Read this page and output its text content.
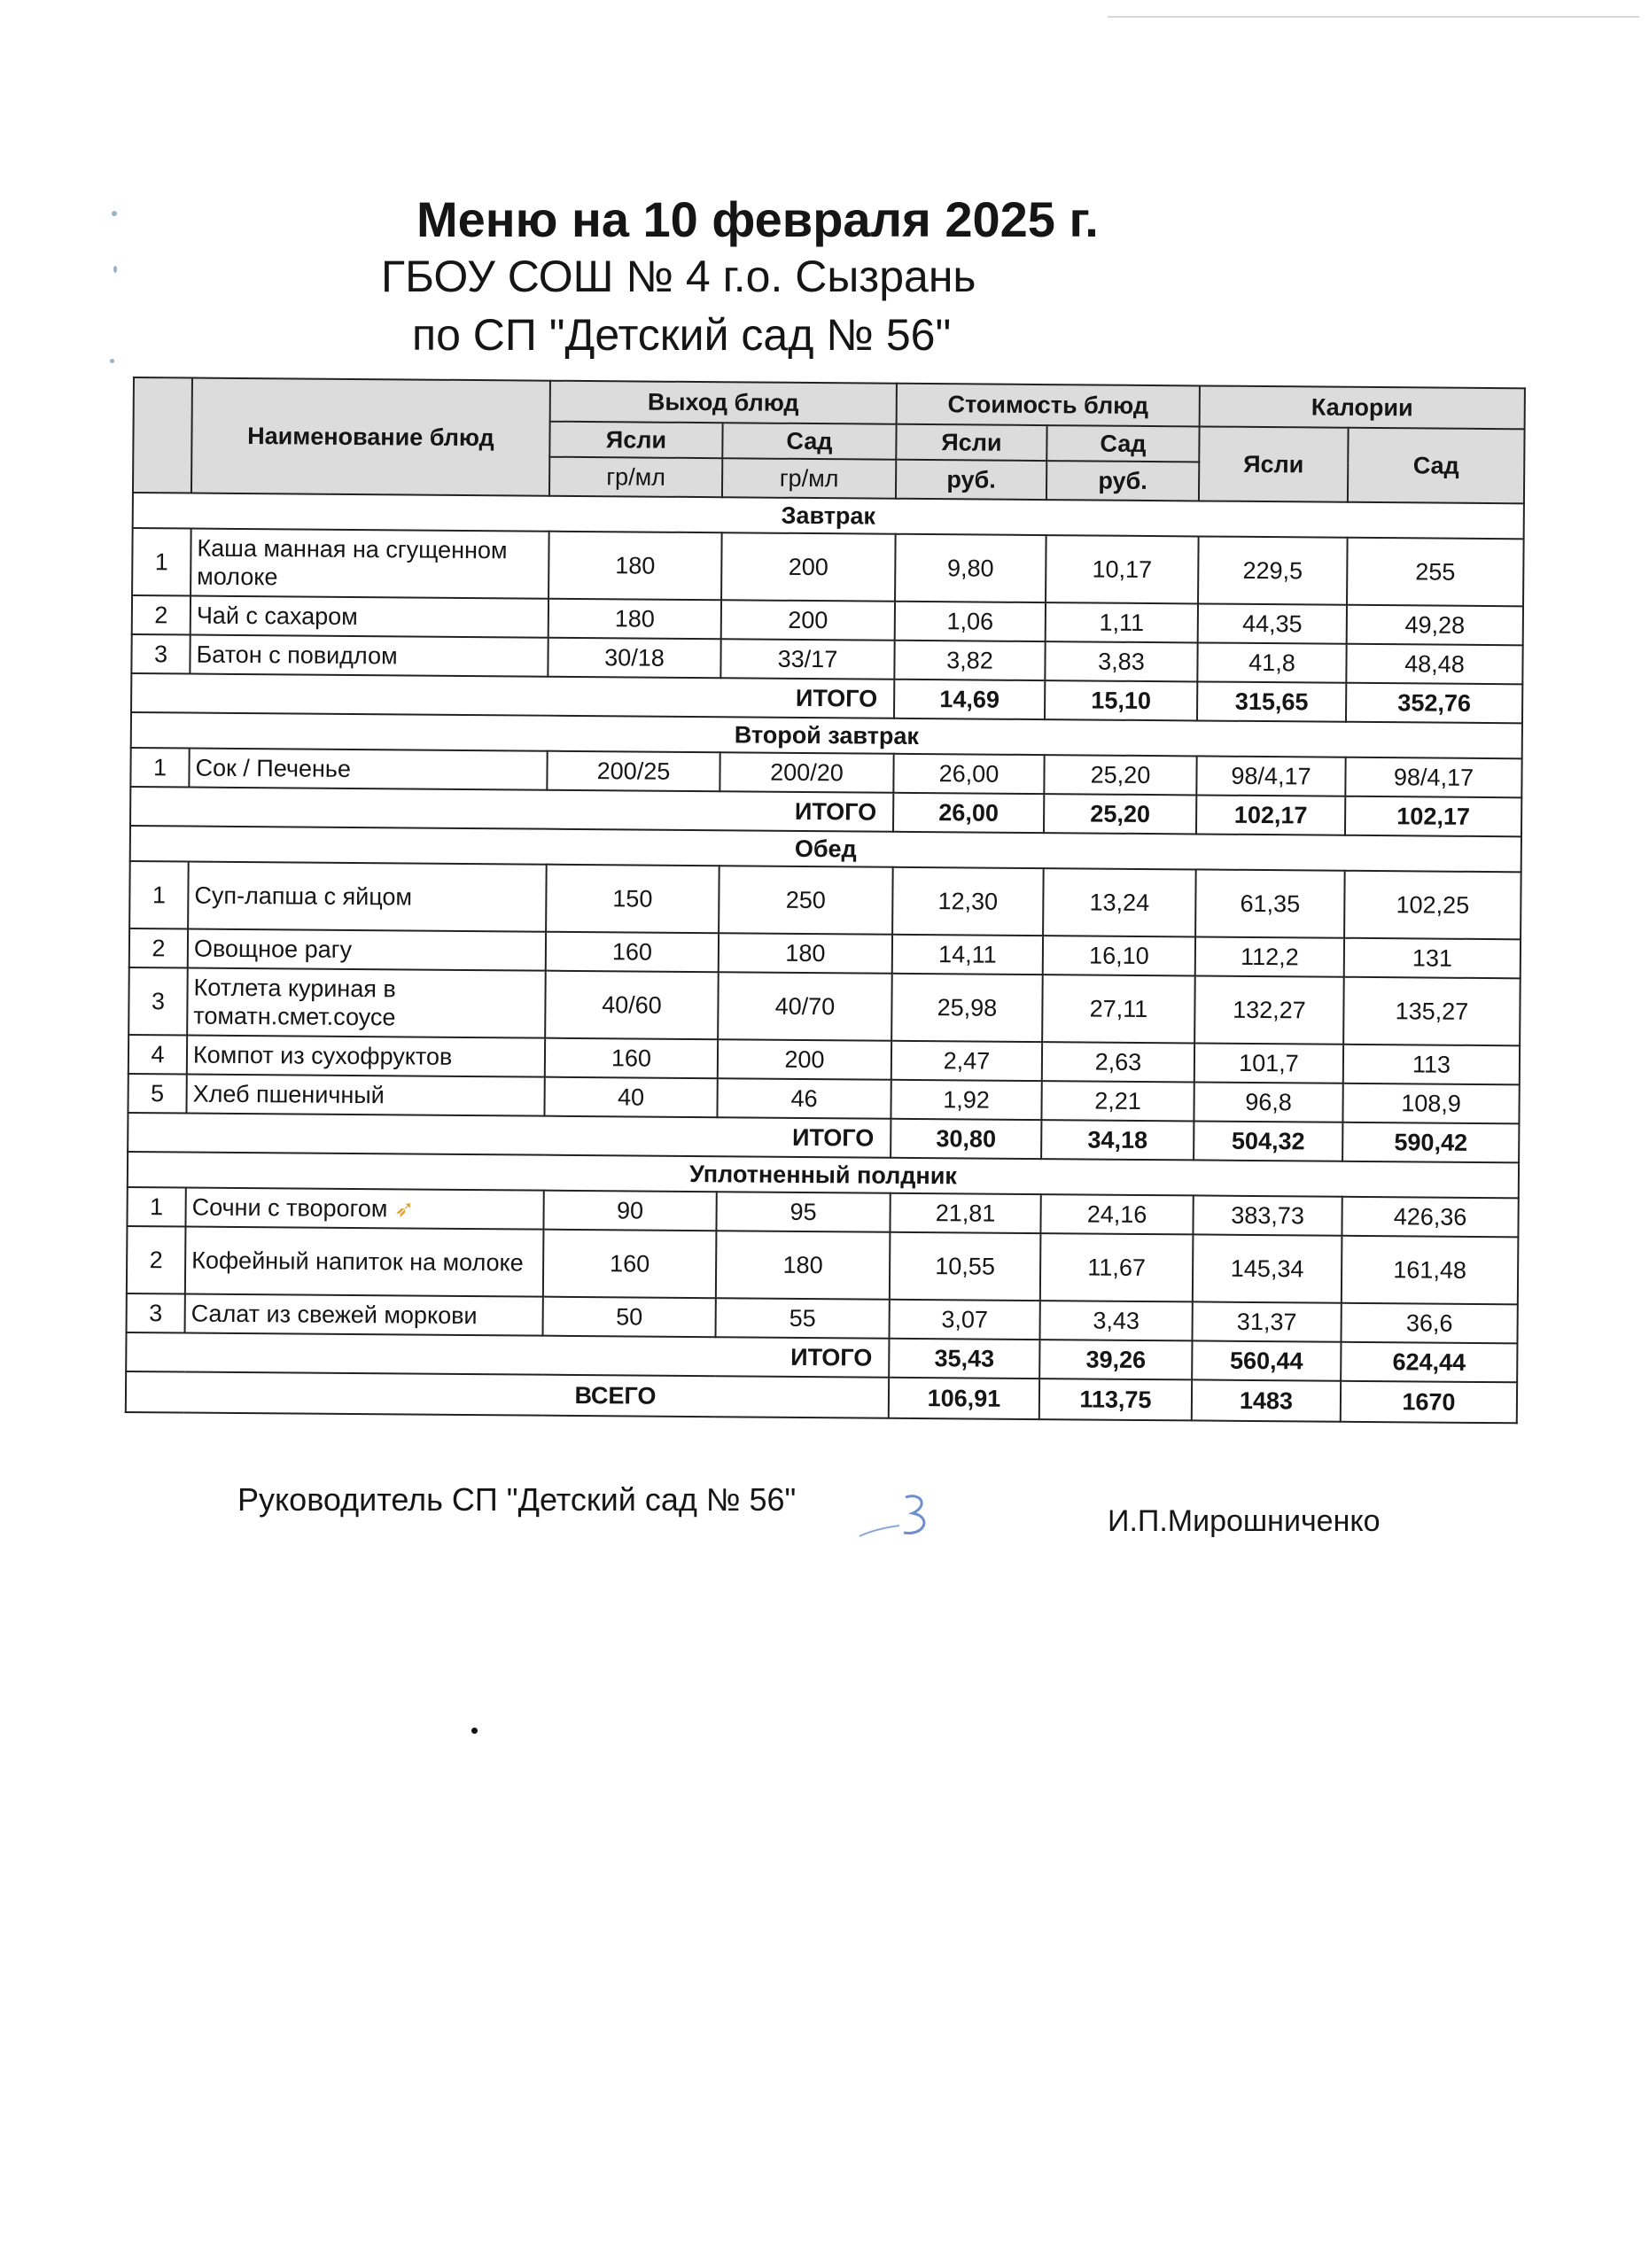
Меню на 10 февраля 2025 г.
ГБОУ СОШ № 4 г.о. Сызрань
по СП "Детский сад № 56"
	Наименование блюд	Выход блюд		Стоимость блюд		Калории	
		Ясли	Сад	Ясли	Сад	Ясли	Сад
		гр/мл	гр/мл	руб.	руб.		
Завтрак							
1	Каша манная на сгущенном молоке	180	200	9,80	10,17	229,5	255
2	Чай с сахаром	180	200	1,06	1,11	44,35	49,28
3	Батон с повидлом	30/18	33/17	3,82	3,83	41,8	48,48
ИТОГО				14,69	15,10	315,65	352,76
Второй завтрак							
1	Сок / Печенье	200/25	200/20	26,00	25,20	98/4,17	98/4,17
ИТОГО				26,00	25,20	102,17	102,17
Обед							
1	Суп-лапша с яйцом	150	250	12,30	13,24	61,35	102,25
2	Овощное рагу	160	180	14,11	16,10	112,2	131
3	Котлета куриная в томатн.смет.соусе	40/60	40/70	25,98	27,11	132,27	135,27
4	Компот из сухофруктов	160	200	2,47	2,63	101,7	113
5	Хлеб пшеничный	40	46	1,92	2,21	96,8	108,9
ИТОГО				30,80	34,18	504,32	590,42
Уплотненный полдник							
1	Сочни с творогом ➶	90	95	21,81	24,16	383,73	426,36
2	Кофейный напиток на молоке	160	180	10,55	11,67	145,34	161,48
3	Салат из свежей моркови	50	55	3,07	3,43	31,37	36,6
ИТОГО				35,43	39,26	560,44	624,44
ВСЕГО				106,91	113,75	1483	1670
Руководитель СП "Детский сад № 56"
И.П.Мирошниченко
